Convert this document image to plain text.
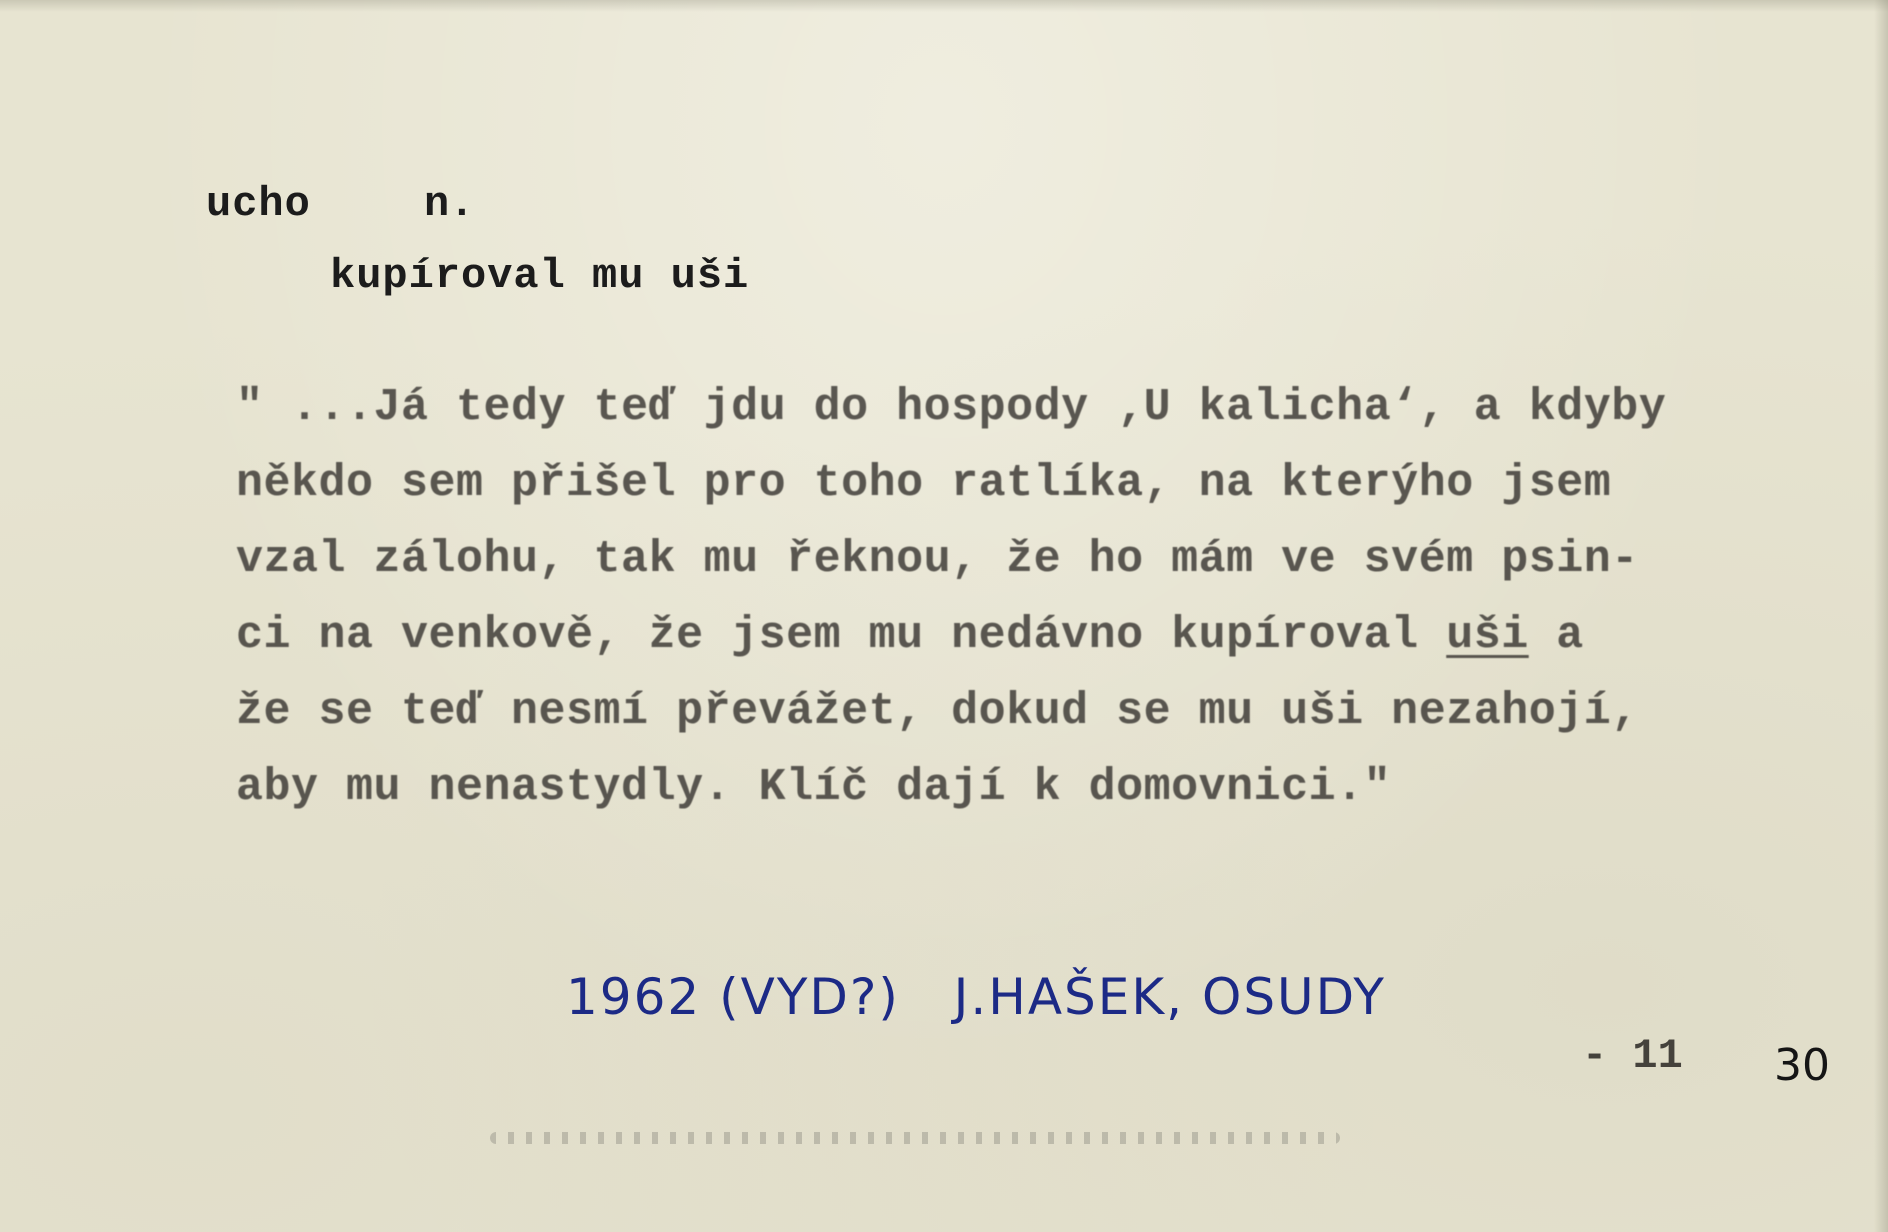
ucho	n.

kupíroval mu uši

" ...Já tedy teď jdu do hospody ‚U kalicha‘, a kdyby
někdo sem přišel pro toho ratlíka, na kterýho jsem
vzal zálohu, tak mu řeknou, že ho mám ve svém psin-
ci na venkově, že jsem mu nedávno kupíroval uši a
že se teď nesmí převážet, dokud se mu uši nezahojí,
aby mu nenastydly. Klíč dají k domovnici."

1962 (VYD?)   J.HAŠEK, OSUDY

- 11 30
